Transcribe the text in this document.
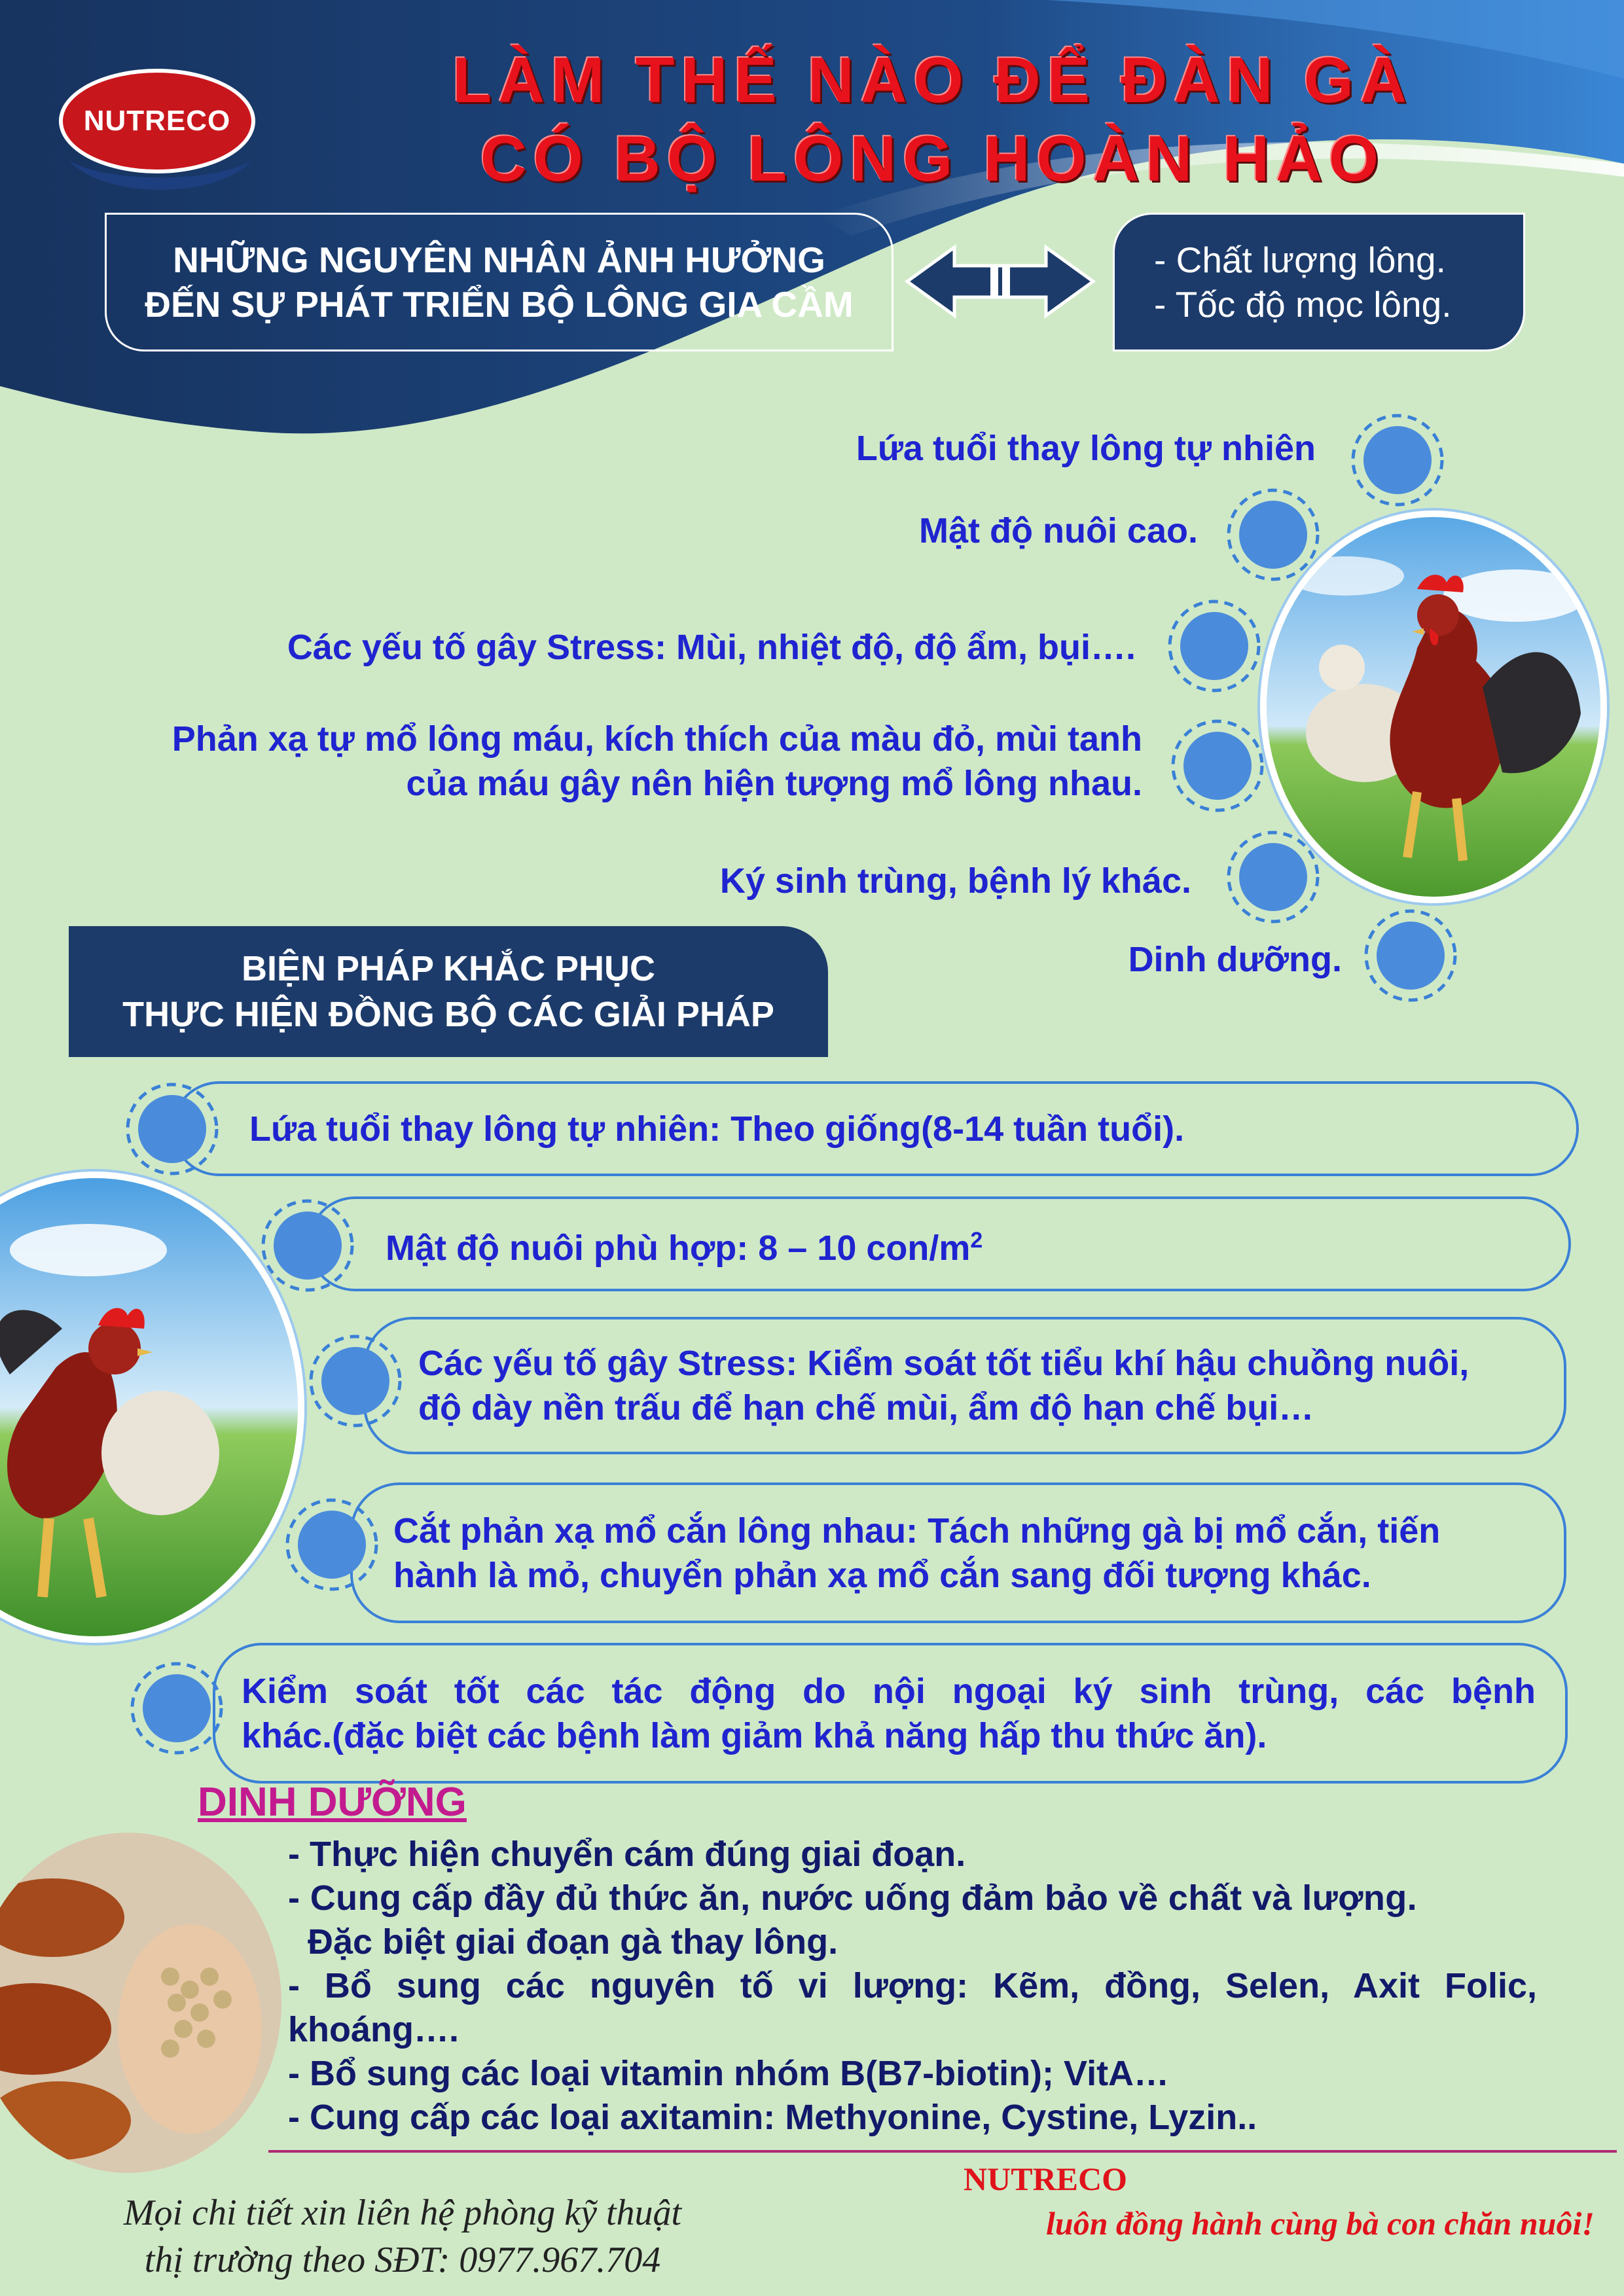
NUTRECO
LÀM THẾ NÀO ĐỂ ĐÀN GÀ
CÓ BỘ LÔNG HOÀN HẢO
NHỮNG NGUYÊN NHÂN ẢNH HƯỞNG
ĐẾN SỰ PHÁT TRIỂN BỘ LÔNG GIA CẦM
- Chất lượng lông.
- Tốc độ mọc lông.
Lứa tuổi thay lông tự nhiên
Mật độ nuôi cao.
Các yếu tố gây Stress: Mùi, nhiệt độ, độ ẩm, bụi….
Phản xạ tự mổ lông máu, kích thích của màu đỏ, mùi tanh
của máu gây nên hiện tượng mổ lông nhau.
Ký sinh trùng, bệnh lý khác.
Dinh dưỡng.
BIỆN PHÁP KHẮC PHỤC
THỰC HIỆN ĐỒNG BỘ CÁC GIẢI PHÁP
Lứa tuổi thay lông tự nhiên: Theo giống(8-14 tuần tuổi).
Mật độ nuôi phù hợp: 8 – 10 con/$m^2$
Các yếu tố gây Stress: Kiểm soát tốt tiểu khí hậu chuồng nuôi,
độ dày nền trấu để hạn chế mùi, ẩm độ hạn chế bụi…
Cắt phản xạ mổ cắn lông nhau: Tách những gà bị mổ cắn, tiến
hành là mỏ, chuyển phản xạ mổ cắn sang đối tượng khác.
Kiểm soát tốt các tác động do nội ngoại ký sinh trùng, các bệnh
khác.(đặc biệt các bệnh làm giảm khả năng hấp thu thức ăn).
DINH DƯỠNG
- Thực hiện chuyển cám đúng giai đoạn.
- Cung cấp đầy đủ thức ăn, nước uống đảm bảo về chất và lượng.
Đặc biệt giai đoạn gà thay lông.
- Bổ sung các nguyên tố vi lượng: Kẽm, đồng, Selen, Axit Folic,
khoáng….
- Bổ sung các loại vitamin nhóm B(B7-biotin); VitA…
- Cung cấp các loại axitamin: Methyonine, Cystine, Lyzin..
Mọi chi tiết xin liên hệ phòng kỹ thuật
thị trường theo SĐT: 0977.967.704
NUTRECO
luôn đồng hành cùng bà con chăn nuôi!
